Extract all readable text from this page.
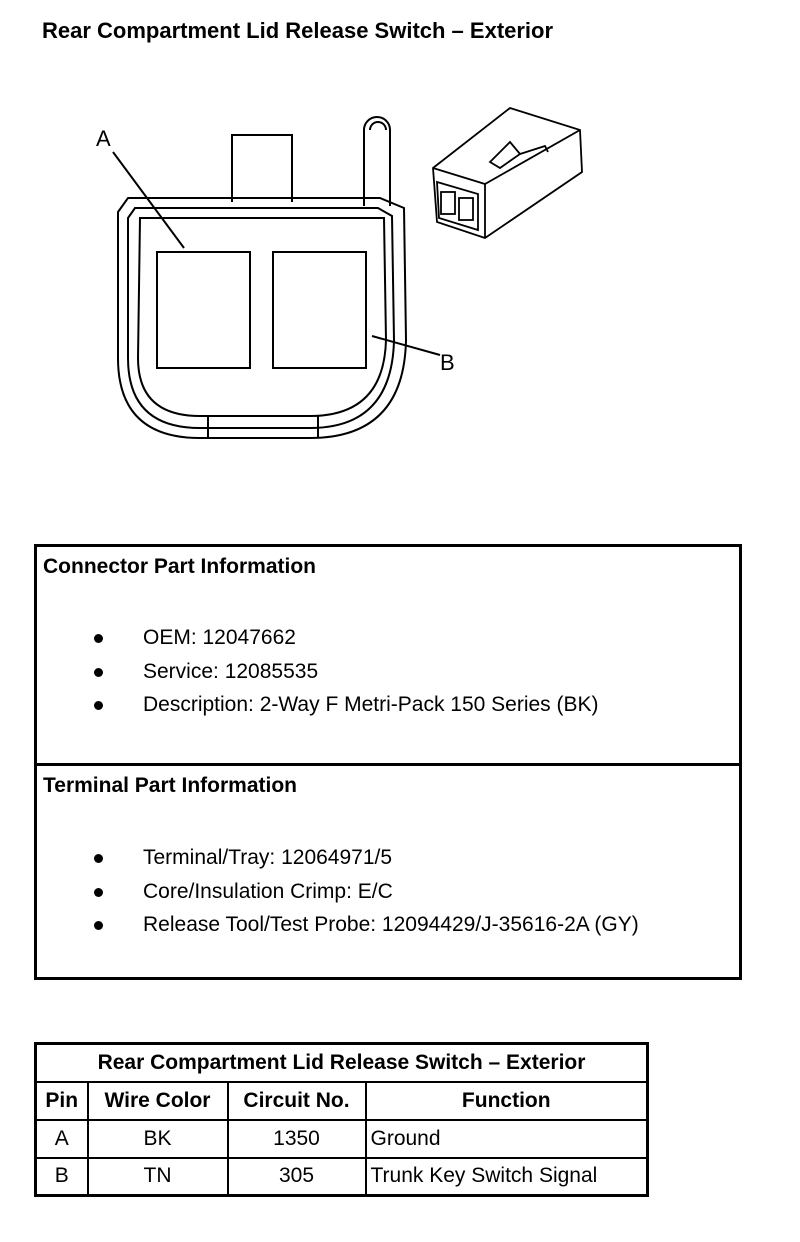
Rear Compartment Lid Release Switch – Exterior
A
B
Connector Part Information
OEM: 12047662
Service: 12085535
Description: 2-Way F Metri-Pack 150 Series (BK)
Terminal Part Information
Terminal/Tray: 12064971/5
Core/Insulation Crimp: E/C
Release Tool/Test Probe: 12094429/J-35616-2A (GY)
Rear Compartment Lid Release Switch – Exterior			
Pin	Wire Color	Circuit No.	Function
A	BK	1350	Ground
B	TN	305	Trunk Key Switch Signal
